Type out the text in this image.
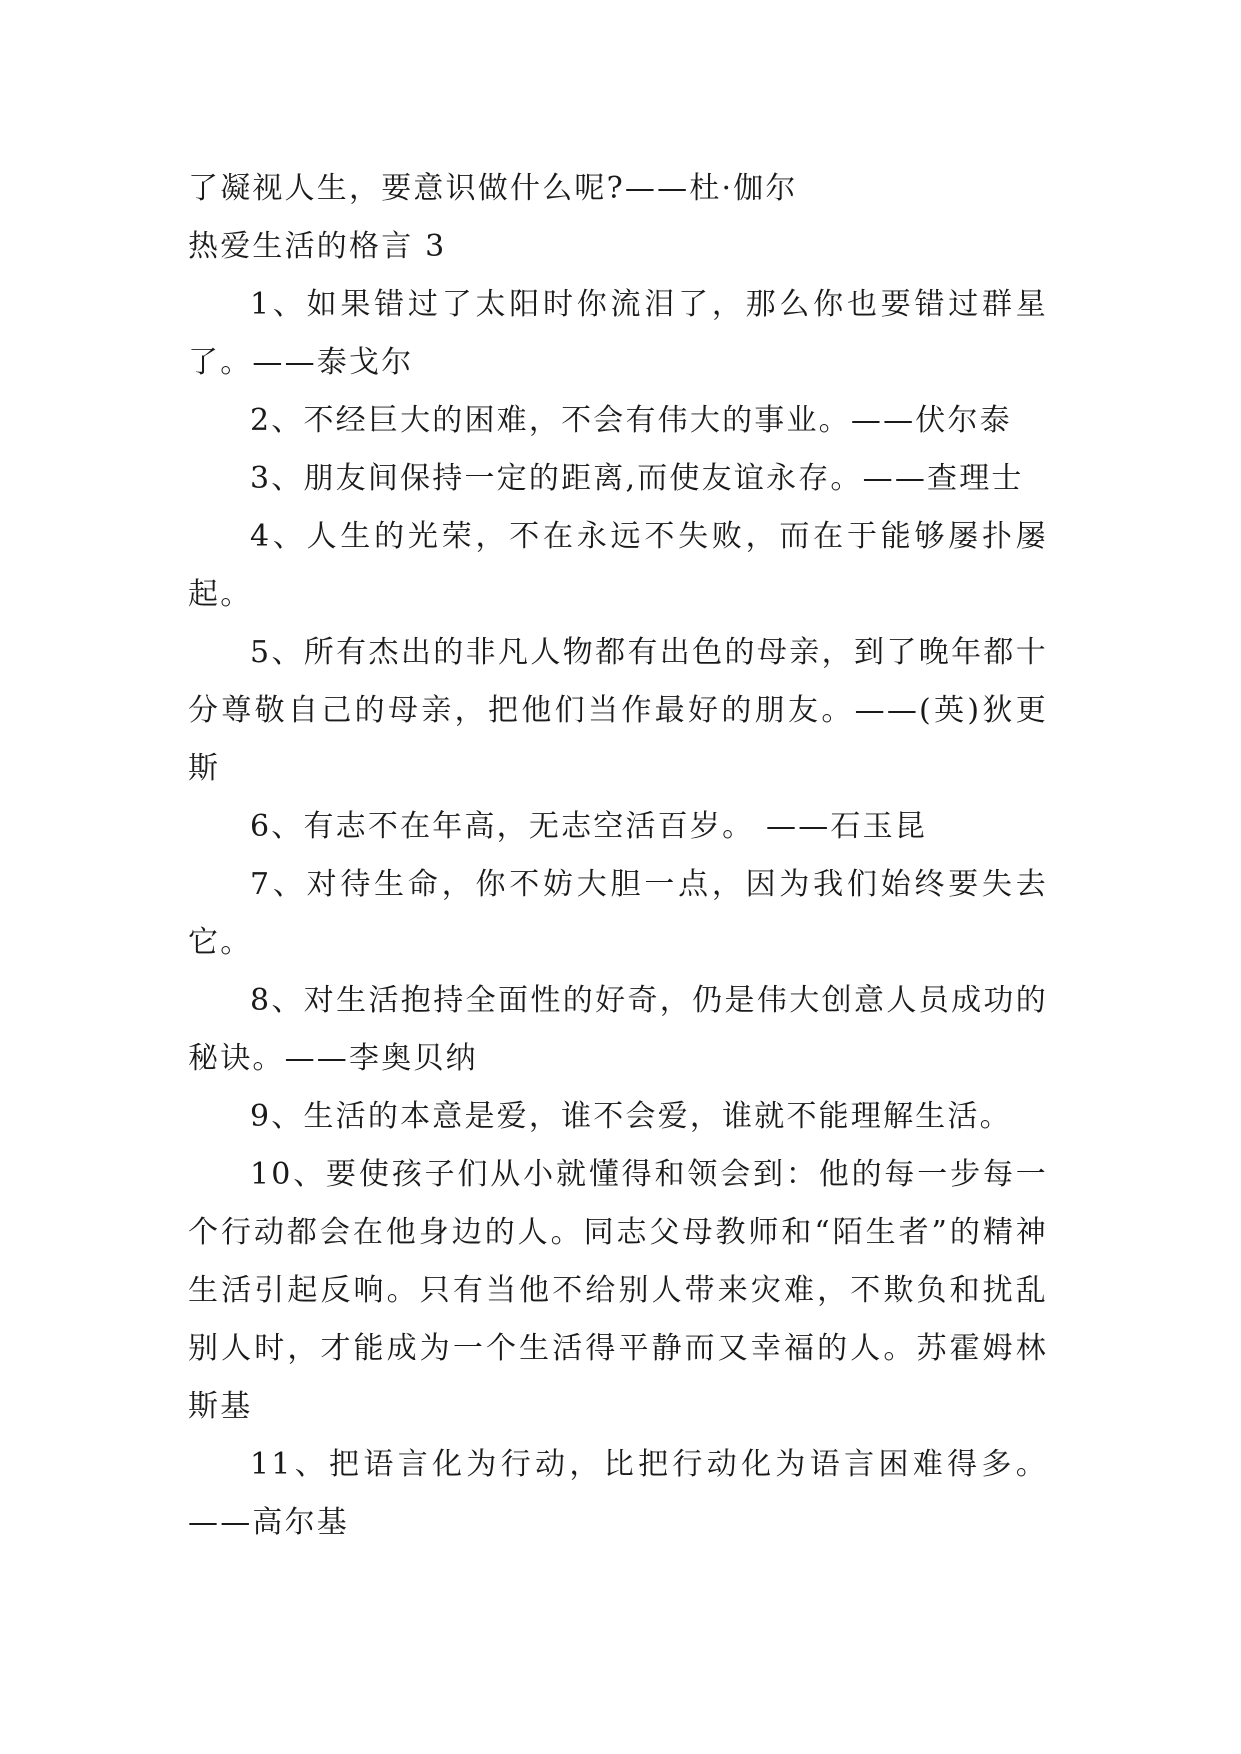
了凝视人生，要意识做什么呢?——杜·伽尔

热爱生活的格言 3

1、如果错过了太阳时你流泪了，那么你也要错过群星了。——泰戈尔

2、不经巨大的困难，不会有伟大的事业。——伏尔泰

3、朋友间保持一定的距离,而使友谊永存。——查理士

4、人生的光荣，不在永远不失败，而在于能够屡扑屡起。

5、所有杰出的非凡人物都有出色的母亲，到了晚年都十分尊敬自己的母亲，把他们当作最好的朋友。——(英)狄更斯

6、有志不在年高，无志空活百岁。 ——石玉昆

7、对待生命，你不妨大胆一点，因为我们始终要失去它。

8、对生活抱持全面性的好奇，仍是伟大创意人员成功的秘诀。——李奥贝纳

9、生活的本意是爱，谁不会爱，谁就不能理解生活。

10、要使孩子们从小就懂得和领会到：他的每一步每一个行动都会在他身边的人。同志父母教师和“陌生者”的精神生活引起反响。只有当他不给别人带来灾难，不欺负和扰乱别人时，才能成为一个生活得平静而又幸福的人。苏霍姆林斯基

11、把语言化为行动，比把行动化为语言困难得多。——高尔基
